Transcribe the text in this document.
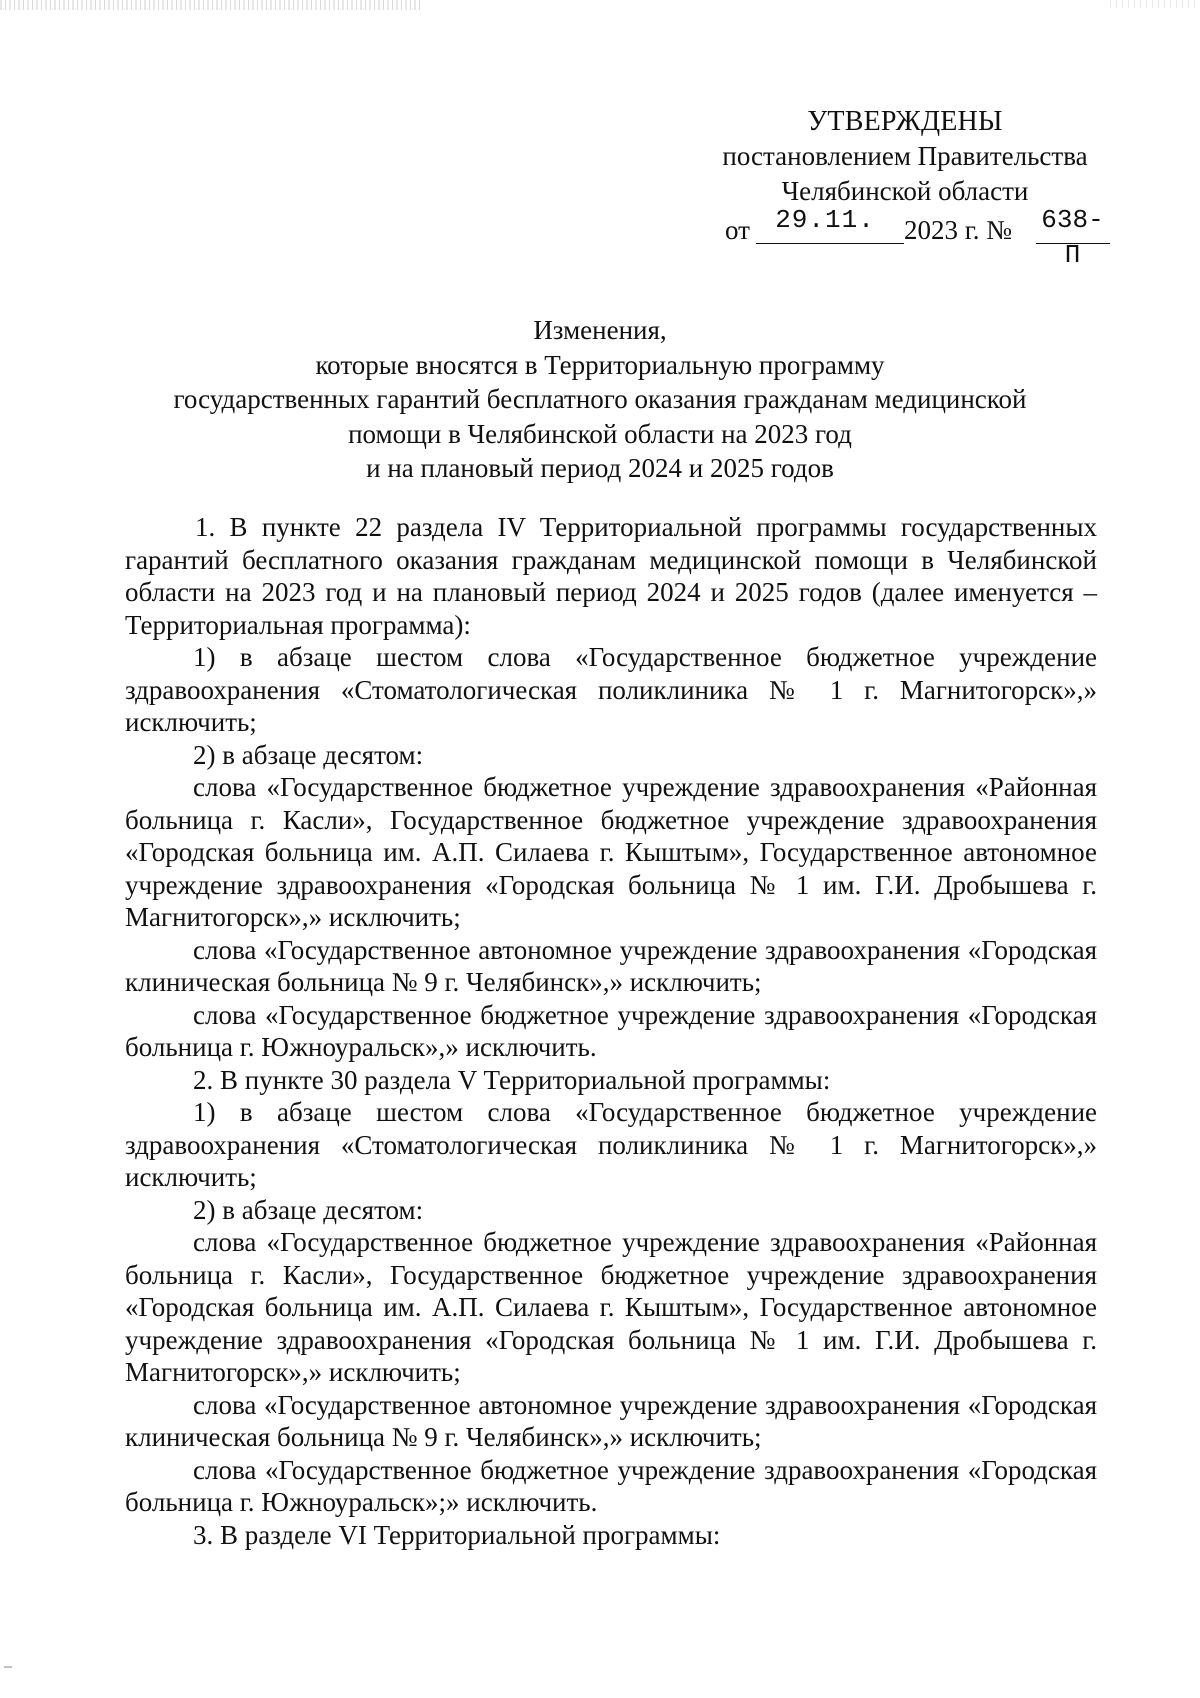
УТВЕРЖДЕНЫ
постановлением Правительства
Челябинской области
от 29.11.	2023 г. № 638-П
Изменения,
которые вносятся в Территориальную программу
государственных гарантий бесплатного оказания гражданам медицинской
помощи в Челябинской области на 2023 год
и на плановый период 2024 и 2025 годов

1. В пункте 22 раздела IV Территориальной программы государственных гарантий бесплатного оказания гражданам медицинской помощи в Челябинской области на 2023 год и на плановый период 2024 и 2025 годов (далее именуется – Территориальная программа):

1) в абзаце шестом слова «Государственное бюджетное учреждение здравоохранения «Стоматологическая поликлиника № 1 г. Магнитогорск»,» исключить;

2) в абзаце десятом:

слова «Государственное бюджетное учреждение здравоохранения «Районная больница г. Касли», Государственное бюджетное учреждение здравоохранения «Городская больница им. А.П. Силаева г. Кыштым», Государственное автономное учреждение здравоохранения «Городская больница № 1 им. Г.И. Дробышева г. Магнитогорск»,» исключить;

слова «Государственное автономное учреждение здравоохранения «Городская клиническая больница № 9 г. Челябинск»,» исключить;

слова «Государственное бюджетное учреждение здравоохранения «Городская больница г. Южноуральск»,» исключить.

2. В пункте 30 раздела V Территориальной программы:

1) в абзаце шестом слова «Государственное бюджетное учреждение здравоохранения «Стоматологическая поликлиника № 1 г. Магнитогорск»,» исключить;

2) в абзаце десятом:

слова «Государственное бюджетное учреждение здравоохранения «Районная больница г. Касли», Государственное бюджетное учреждение здравоохранения «Городская больница им. А.П. Силаева г. Кыштым», Государственное автономное учреждение здравоохранения «Городская больница № 1 им. Г.И. Дробышева г. Магнитогорск»,» исключить;

слова «Государственное автономное учреждение здравоохранения «Городская клиническая больница № 9 г. Челябинск»,» исключить;

слова «Государственное бюджетное учреждение здравоохранения «Городская больница г. Южноуральск»;» исключить.

3. В разделе VI Территориальной программы:
